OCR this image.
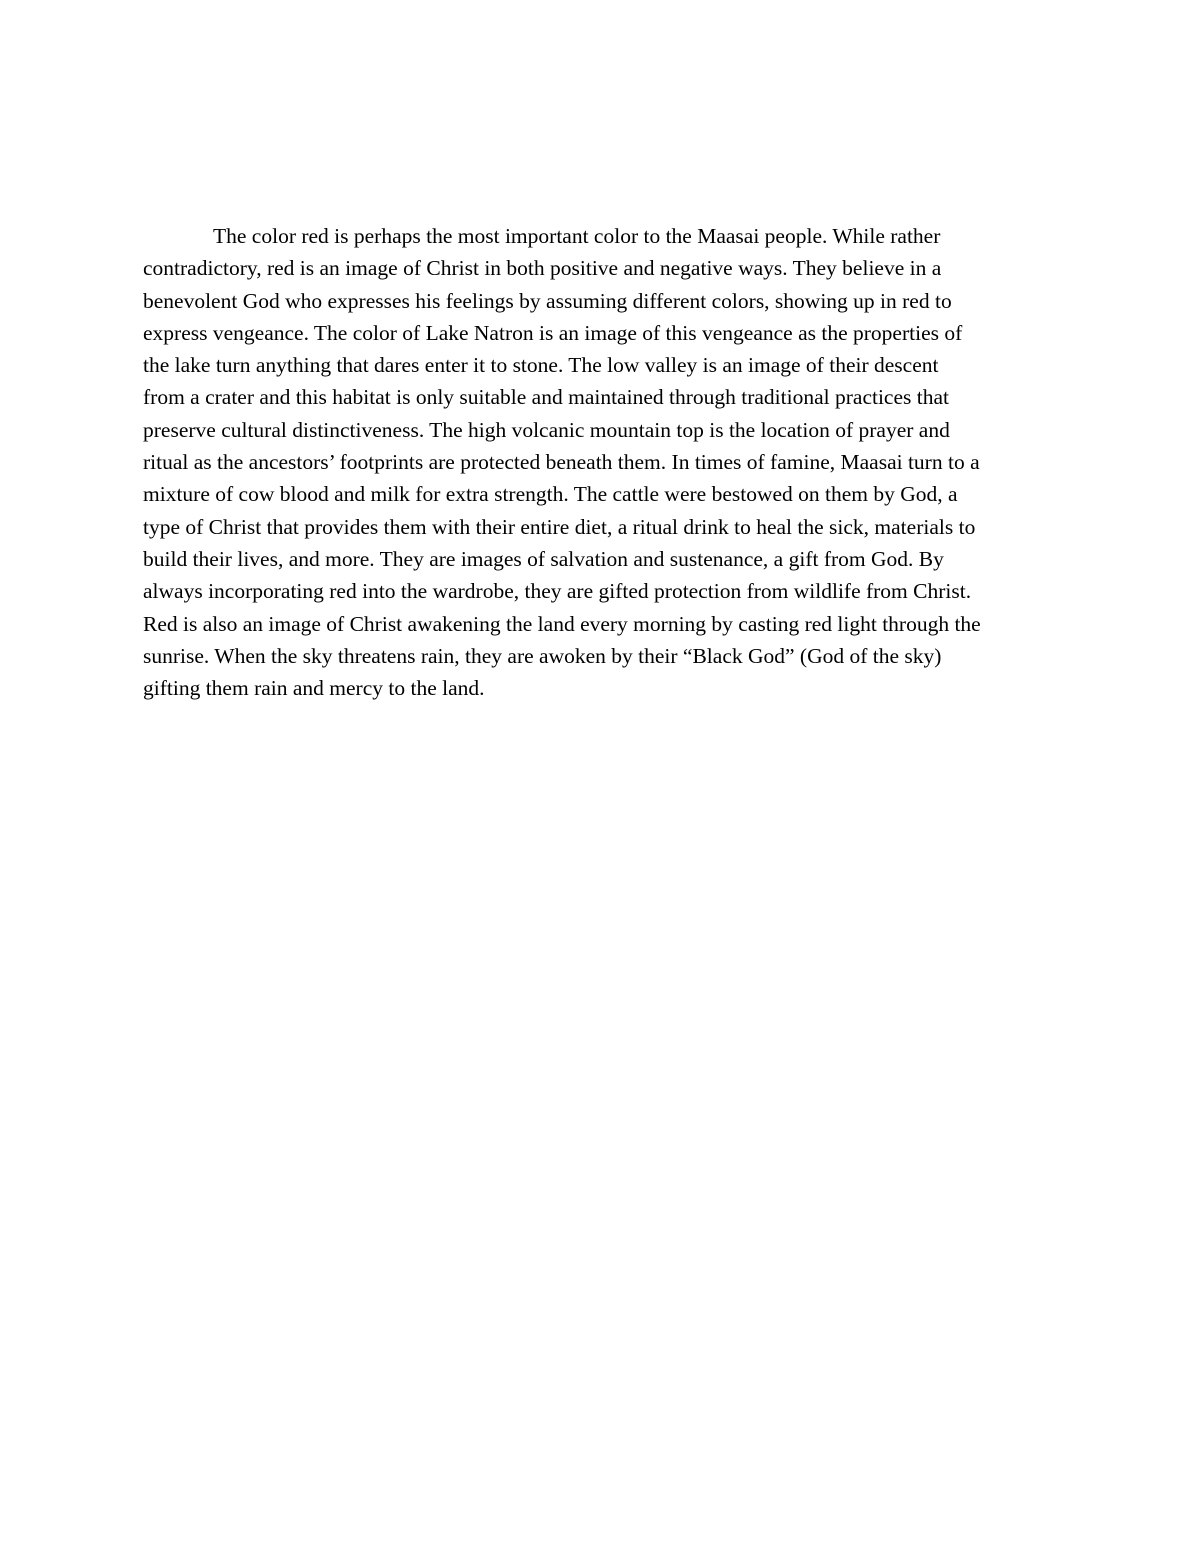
The color red is perhaps the most important color to the Maasai people. While rather
contradictory, red is an image of Christ in both positive and negative ways. They believe in a
benevolent God who expresses his feelings by assuming different colors, showing up in red to
express vengeance. The color of Lake Natron is an image of this vengeance as the properties of
the lake turn anything that dares enter it to stone. The low valley is an image of their descent
from a crater and this habitat is only suitable and maintained through traditional practices that
preserve cultural distinctiveness. The high volcanic mountain top is the location of prayer and
ritual as the ancestors’ footprints are protected beneath them. In times of famine, Maasai turn to a
mixture of cow blood and milk for extra strength. The cattle were bestowed on them by God, a
type of Christ that provides them with their entire diet, a ritual drink to heal the sick, materials to
build their lives, and more. They are images of salvation and sustenance, a gift from God. By
always incorporating red into the wardrobe, they are gifted protection from wildlife from Christ.
Red is also an image of Christ awakening the land every morning by casting red light through the
sunrise. When the sky threatens rain, they are awoken by their “Black God” (God of the sky)
gifting them rain and mercy to the land.
